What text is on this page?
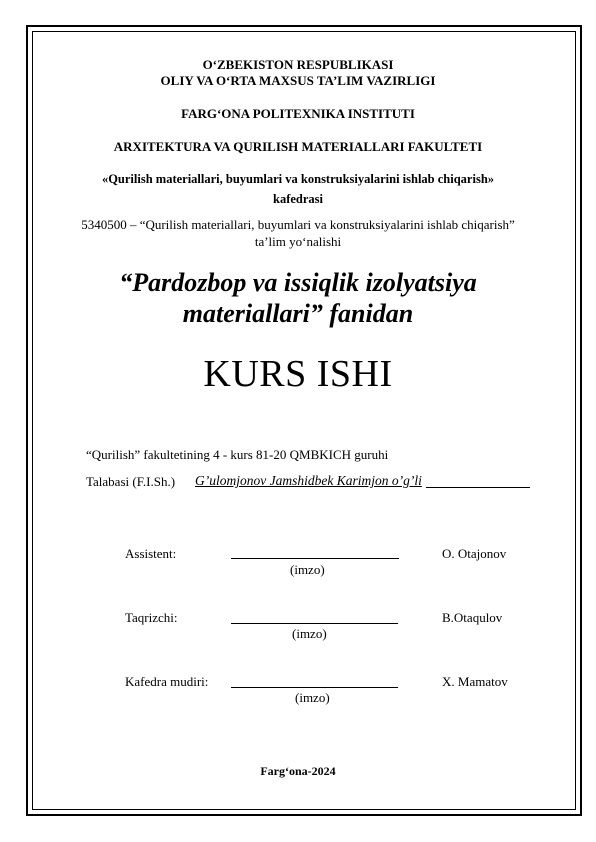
O‘ZBEKISTON RESPUBLIKASI
OLIY VA O‘RTA MAXSUS TA’LIM VAZIRLIGI
FARG‘ONA POLITEXNIKA INSTITUTI
ARXITEKTURA VA QURILISH MATERIALLARI FAKULTETI
«Qurilish materiallari, buyumlari va konstruksiyalarini ishlab chiqarish»
kafedrasi
5340500 – “Qurilish materiallari, buyumlari va konstruksiyalarini ishlab chiqarish”
ta’lim yo‘nalishi
“Pardozbop va issiqlik izolyatsiya
materiallari” fanidan
KURS ISHI
“Qurilish” fakultetining 4 - kurs 81-20 QMBKICH guruhi
Talabasi (F.I.Sh.) G’ulomjonov Jamshidbek Karimjon o’g’li
Assistent:
(imzo)
O. Otajonov
Taqrizchi:
(imzo)
B.Otaqulov
Kafedra mudiri:
(imzo)
X. Mamatov
Farg‘ona-2024
